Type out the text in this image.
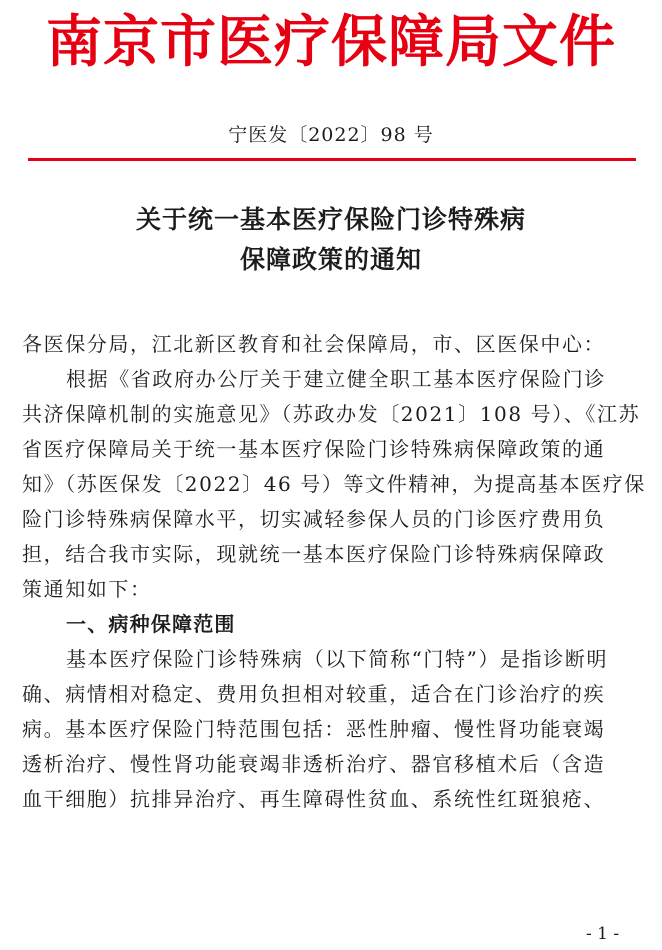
南京市医疗保障局文件
宁医发〔2022〕98 号
关于统一基本医疗保险门诊特殊病
保障政策的通知
各医保分局，江北新区教育和社会保障局，市、区医保中心：
根据《省政府办公厅关于建立健全职工基本医疗保险门诊
共济保障机制的实施意见》（苏政办发〔2021〕108 号）、《江苏
省医疗保障局关于统一基本医疗保险门诊特殊病保障政策的通
知》（苏医保发〔2022〕46 号）等文件精神，为提高基本医疗保
险门诊特殊病保障水平，切实减轻参保人员的门诊医疗费用负
担，结合我市实际，现就统一基本医疗保险门诊特殊病保障政
策通知如下：
一、病种保障范围
基本医疗保险门诊特殊病（以下简称“门特”）是指诊断明
确、病情相对稳定、费用负担相对较重，适合在门诊治疗的疾
病。基本医疗保险门特范围包括：恶性肿瘤、慢性肾功能衰竭
透析治疗、慢性肾功能衰竭非透析治疗、器官移植术后（含造
血干细胞）抗排异治疗、再生障碍性贫血、系统性红斑狼疮、
- 1 -
